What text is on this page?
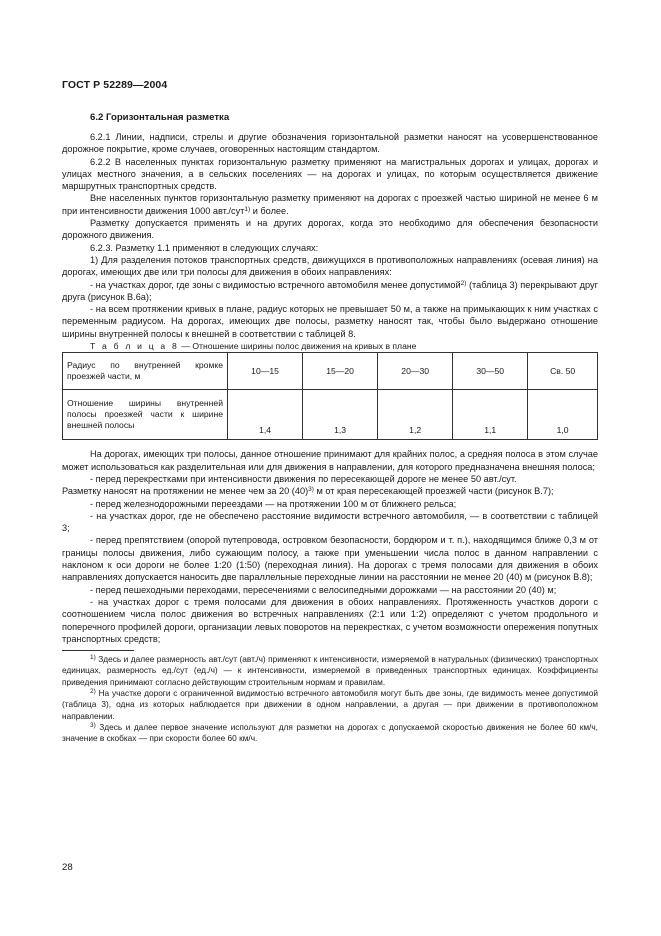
ГОСТ Р 52289—2004
6.2 Горизонтальная разметка

6.2.1 Линии, надписи, стрелы и другие обозначения горизонтальной разметки наносят на усовершенствованное дорожное покрытие, кроме случаев, оговоренных настоящим стандартом.

6.2.2 В населенных пунктах горизонтальную разметку применяют на магистральных дорогах и улицах, дорогах и улицах местного значения, а в сельских поселениях — на дорогах и улицах, по которым осуществляется движение маршрутных транспортных средств.

Вне населенных пунктов горизонтальную разметку применяют на дорогах с проезжей частью шириной не менее 6 м при интенсивности движения 1000 авт./сут$^{1)}$ и более.

Разметку допускается применять и на других дорогах, когда это необходимо для обеспечения безопасности дорожного движения.

6.2.3. Разметку 1.1 применяют в следующих случаях:

1) Для разделения потоков транспортных средств, движущихся в противоположных направлениях (осевая линия) на дорогах, имеющих две или три полосы для движения в обоих направлениях:

- на участках дорог, где зоны с видимостью встречного автомобиля менее допустимой$^{2)}$ (таблица 3) перекрывают друг друга (рисунок В.6а);

- на всем протяжении кривых в плане, радиус которых не превышает 50 м, а также на примыкающих к ним участках с переменным радиусом. На дорогах, имеющих две полосы, разметку наносят так, чтобы было выдержано отношение ширины внутренней полосы к внешней в соответствии с таблицей 8.

Т а б л и ц а 8 — Отношение ширины полос движения на кривых в плане

Радиус по внутренней кромке проезжей части, м	10—15	15—20	20—30	30—50	Св. 50
Отношение ширины внутренней полосы проезжей части к ширине внешней полосы	1,4	1,3	1,2	1,1	1,0

На дорогах, имеющих три полосы, данное отношение принимают для крайних полос, а средняя полоса в этом случае может использоваться как разделительная или для движения в направлении, для которого предназначена внешняя полоса;

- перед перекрестками при интенсивности движения по пересекающей дороге не менее 50 авт./сут.

Разметку наносят на протяжении не менее чем за 20 $(40)^{3)}$ м от края пересекающей проезжей части (рисунок В.7);

- перед железнодорожными переездами — на протяжении 100 м от ближнего рельса;

- на участках дорог, где не обеспечено расстояние видимости встречного автомобиля, — в соответствии с таблицей 3;

- перед препятствием (опорой путепровода, островком безопасности, бордюром и т. п.), находящимся ближе 0,3 м от границы полосы движения, либо сужающим полосу, а также при уменьшении числа полос в данном направлении с наклоном к оси дороги не более 1:20 (1:50) (переходная линия). На дорогах с тремя полосами для движения в обоих направлениях допускается наносить две параллельные переходные линии на расстоянии не менее 20 (40) м (рисунок В.8);

- перед пешеходными переходами, пересечениями с велосипедными дорожками — на расстоянии 20 (40) м;

- на участках дорог с тремя полосами для движения в обоих направлениях. Протяженность участков дороги с соотношением числа полос движения во встречных направлениях (2:1 или 1:2) определяют с учетом продольного и поперечного профилей дороги, организации левых поворотов на перекрестках, с учетом возможности опережения попутных транспортных средств;

$^{1)}$ Здесь и далее размерность авт./сут (авт./ч) применяют к интенсивности, измеряемой в натуральных (физических) транспортных единицах, размерность ед./сут (ед./ч) — к интенсивности, измеряемой в приведенных транспортных единицах. Коэффициенты приведения принимают согласно действующим строительным нормам и правилам.

$^{2)}$ На участке дороги с ограниченной видимостью встречного автомобиля могут быть две зоны, где видимость менее допустимой (таблица 3), одна из которых наблюдается при движении в одном направлении, а другая — при движении в противоположном направлении.

$^{3)}$ Здесь и далее первое значение используют для разметки на дорогах с допускаемой скоростью движения не более 60 км/ч, значение в скобках — при скорости более 60 км/ч.

28
